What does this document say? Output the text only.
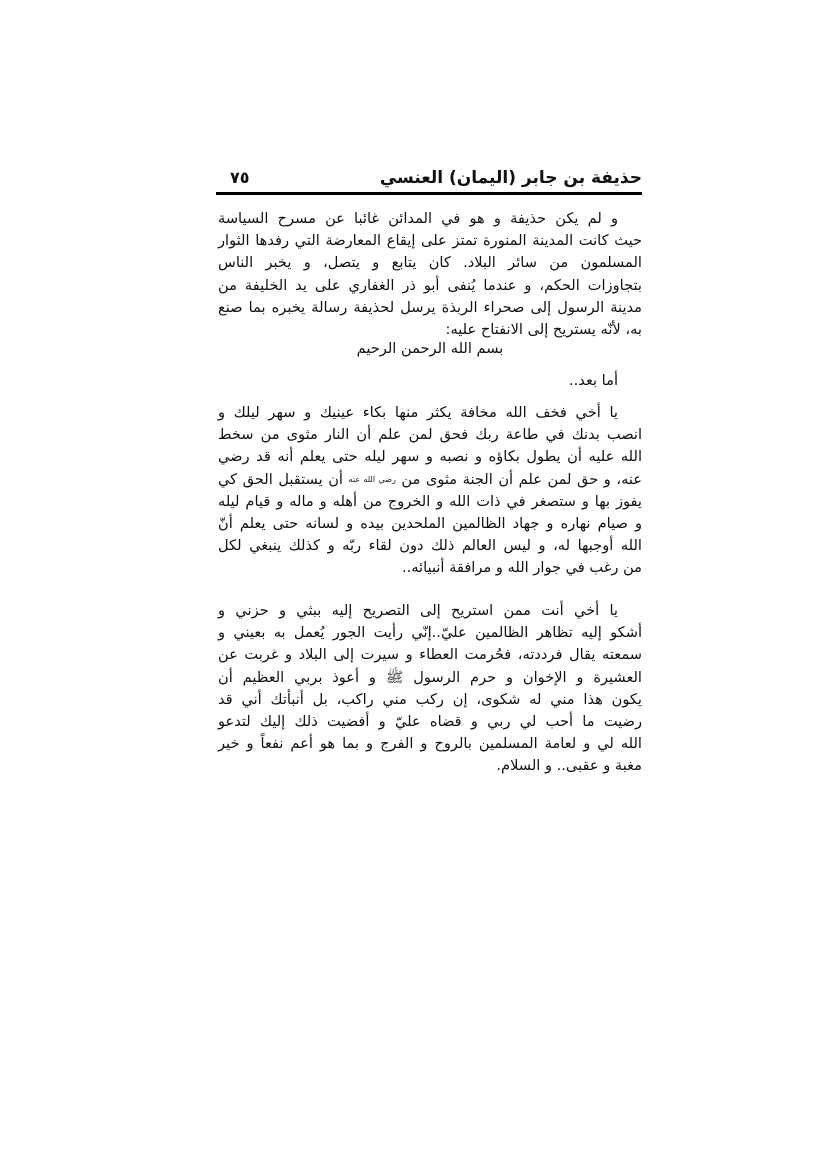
حذيفة بن جابر (اليمان) العنسي
٧٥
و لم يكن حذيفة و هو في المدائن غائبا عن مسرح السياسة
حيث كانت المدينة المنورة تمتز على إيقاع المعارضة التي رفدها الثوار
المسلمون من سائر البلاد. كان يتابع و يتصل، و يخبر الناس
بتجاوزات الحكم، و عندما يُنفى أبو ذر الغفاري على يد الخليفة من
مدينة الرسول إلى صحراء الربذة يرسل لحذيفة رسالة يخبره بما صنع
به، لأنّه يستريح إلى الانفتاح عليه:
بسم الله الرحمن الرحيم
أما بعد..
يا أخي فخف الله مخافة يكثر منها بكاء عينيك و سهر ليلك و
انصب بدنك في طاعة ربك فحق لمن علم أن النار مثوى من سخط
الله عليه أن يطول بكاؤه و نصبه و سهر ليله حتى يعلم أنه قد رضي
عنه، و حق لمن علم أن الجنة مثوى من رضي الله عنه أن يستقبل الحق كي
يفوز بها و ستصغر في ذات الله و الخروج من أهله و ماله و قيام ليله
و صيام نهاره و جهاد الظالمين الملحدين بيده و لسانه حتى يعلم أنّ
الله أوجبها له، و ليس العالم ذلك دون لقاء ربّه و كذلك ينبغي لكل
من رغب في جوار الله و مرافقة أنبيائه..
يا أخي أنت ممن استريح إلى التصريح إليه ببثي و حزني و
أشكو إليه تظاهر الظالمين عليّ..إنّي رأيت الجور يُعمل به بعيني و
سمعته يقال فرددته، فحُرمت العطاء و سيرت إلى البلاد و غربت عن
العشيرة و الإخوان و حرم الرسول ﷺ و أعوذ بربي العظيم أن
يكون هذا مني له شكوى، إن ركب مني راكب، بل أنبأتك أني قد
رضيت ما أحب لي ربي و قضاه عليّ و أفضيت ذلك إليك لتدعو
الله لي و لعامة المسلمين بالروح و الفرج و بما هو أعم نفعاً و خير
مغبة و عقبى.. و السلام.
